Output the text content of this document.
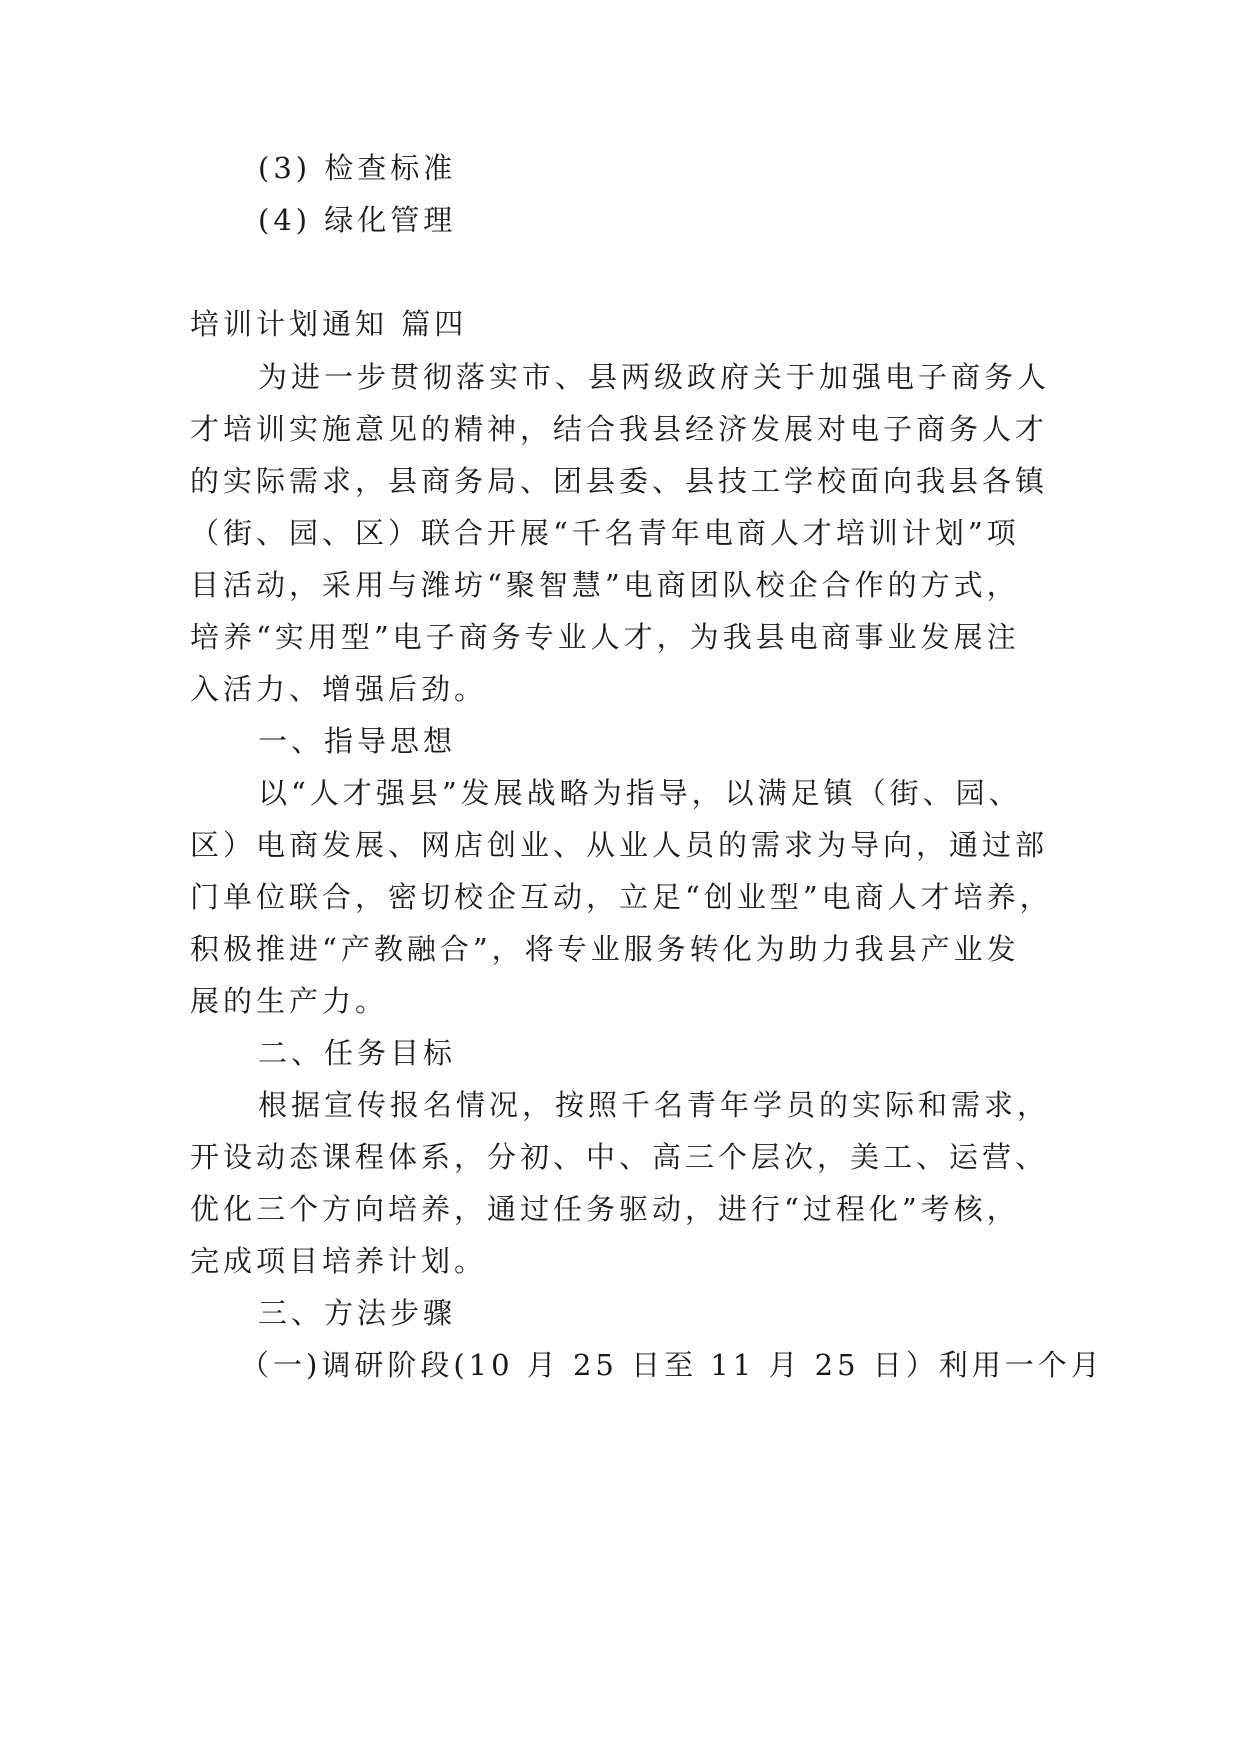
(3) 检查标准
(4) 绿化管理
培训计划通知 篇四
为进一步贯彻落实市、县两级政府关于加强电子商务人
才培训实施意见的精神，结合我县经济发展对电子商务人才
的实际需求，县商务局、团县委、县技工学校面向我县各镇
（街、园、区）联合开展“千名青年电商人才培训计划”项
目活动，采用与潍坊“聚智慧”电商团队校企合作的方式，
培养“实用型”电子商务专业人才，为我县电商事业发展注
入活力、增强后劲。
一、指导思想
以“人才强县”发展战略为指导，以满足镇（街、园、
区）电商发展、网店创业、从业人员的需求为导向，通过部
门单位联合，密切校企互动，立足“创业型”电商人才培养，
积极推进“产教融合”，将专业服务转化为助力我县产业发
展的生产力。
二、任务目标
根据宣传报名情况，按照千名青年学员的实际和需求，
开设动态课程体系，分初、中、高三个层次，美工、运营、
优化三个方向培养，通过任务驱动，进行“过程化”考核，
完成项目培养计划。
三、方法步骤
（一)调研阶段(10 月 25 日至 11 月 25 日）利用一个月
